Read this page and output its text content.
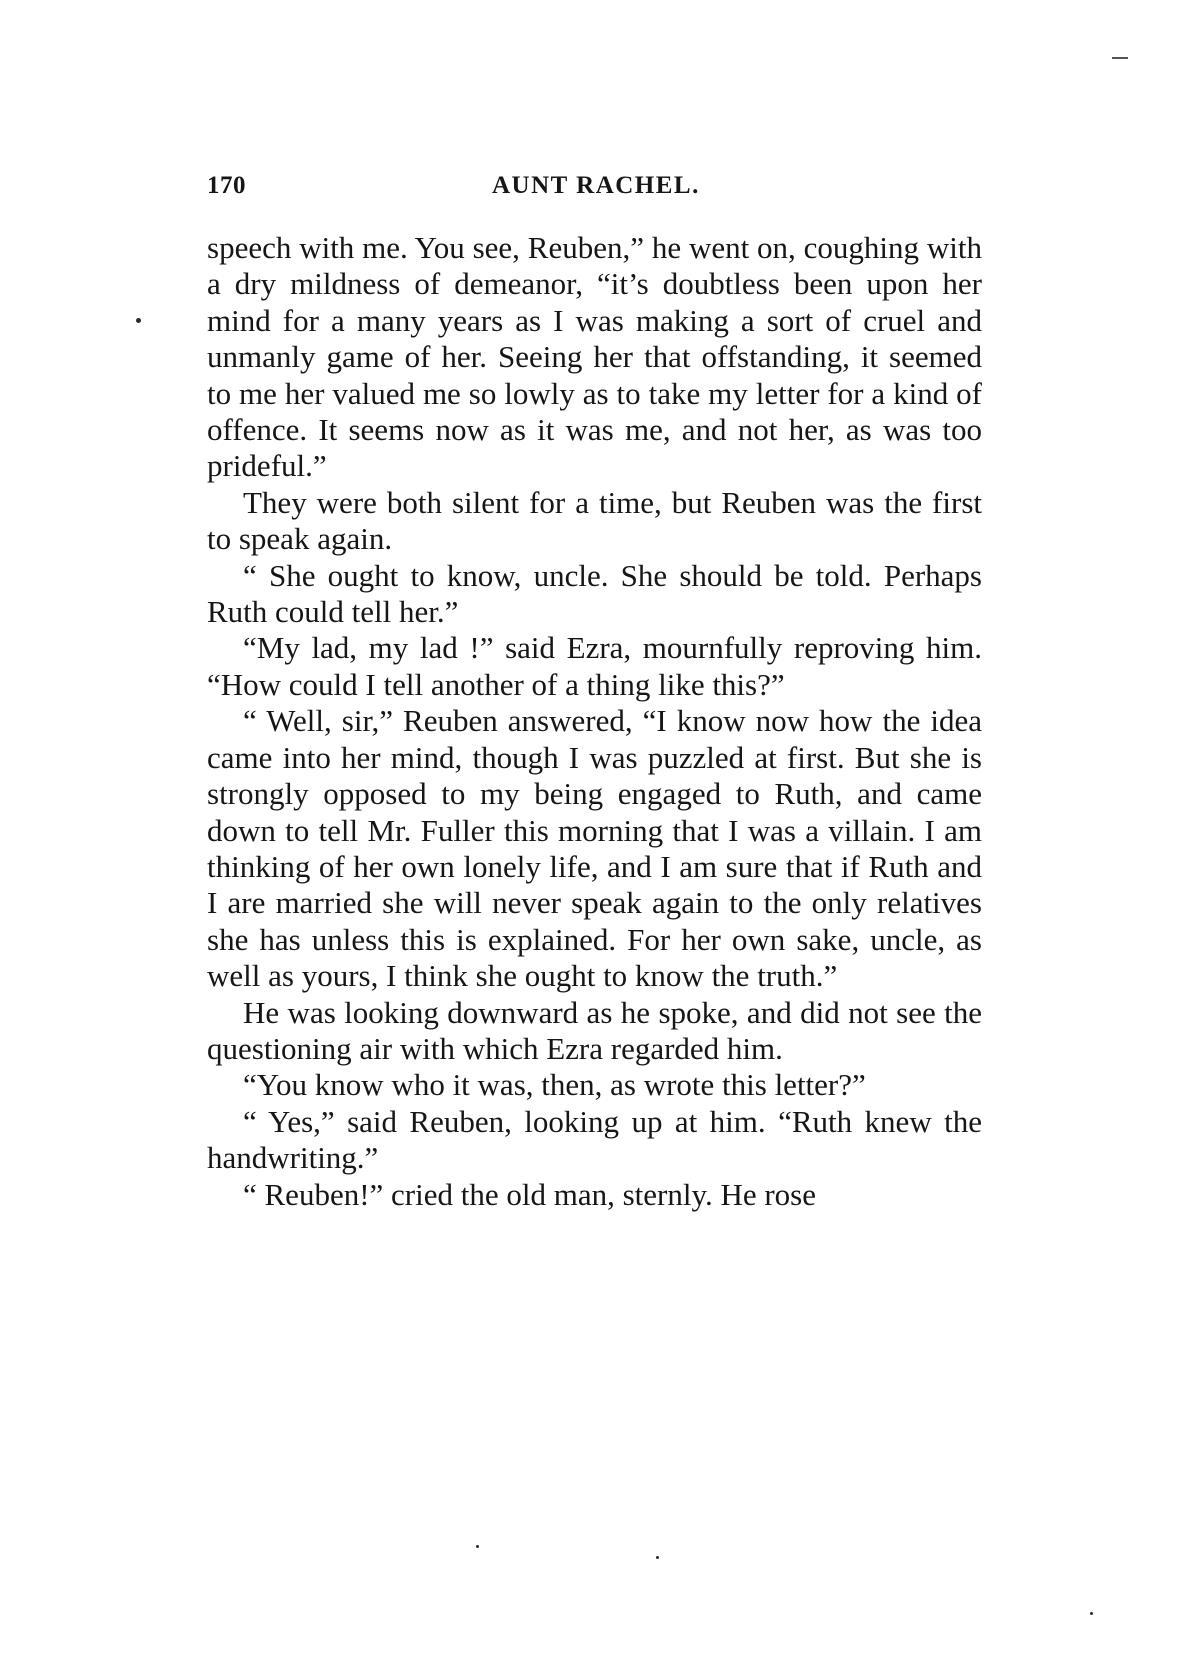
170	AUNT RACHEL.

speech with me. You see, Reuben,” he went on, coughing with a dry mildness of demeanor, “it’s doubtless been upon her mind for a many years as I was making a sort of cruel and unmanly game of her. Seeing her that offstanding, it seemed to me her valued me so lowly as to take my letter for a kind of offence. It seems now as it was me, and not her, as was too prideful.”

They were both silent for a time, but Reuben was the first to speak again.

“ She ought to know, uncle. She should be told. Perhaps Ruth could tell her.”

“My lad, my lad !” said Ezra, mournfully reproving him. “How could I tell another of a thing like this?”

“ Well, sir,” Reuben answered, “I know now how the idea came into her mind, though I was puzzled at first. But she is strongly opposed to my being engaged to Ruth, and came down to tell Mr. Fuller this morning that I was a villain. I am thinking of her own lonely life, and I am sure that if Ruth and I are married she will never speak again to the only relatives she has unless this is explained. For her own sake, uncle, as well as yours, I think she ought to know the truth.”

He was looking downward as he spoke, and did not see the questioning air with which Ezra regarded him.

“You know who it was, then, as wrote this letter?”

“ Yes,” said Reuben, looking up at him. “Ruth knew the handwriting.”

“ Reuben!” cried the old man, sternly. He rose
